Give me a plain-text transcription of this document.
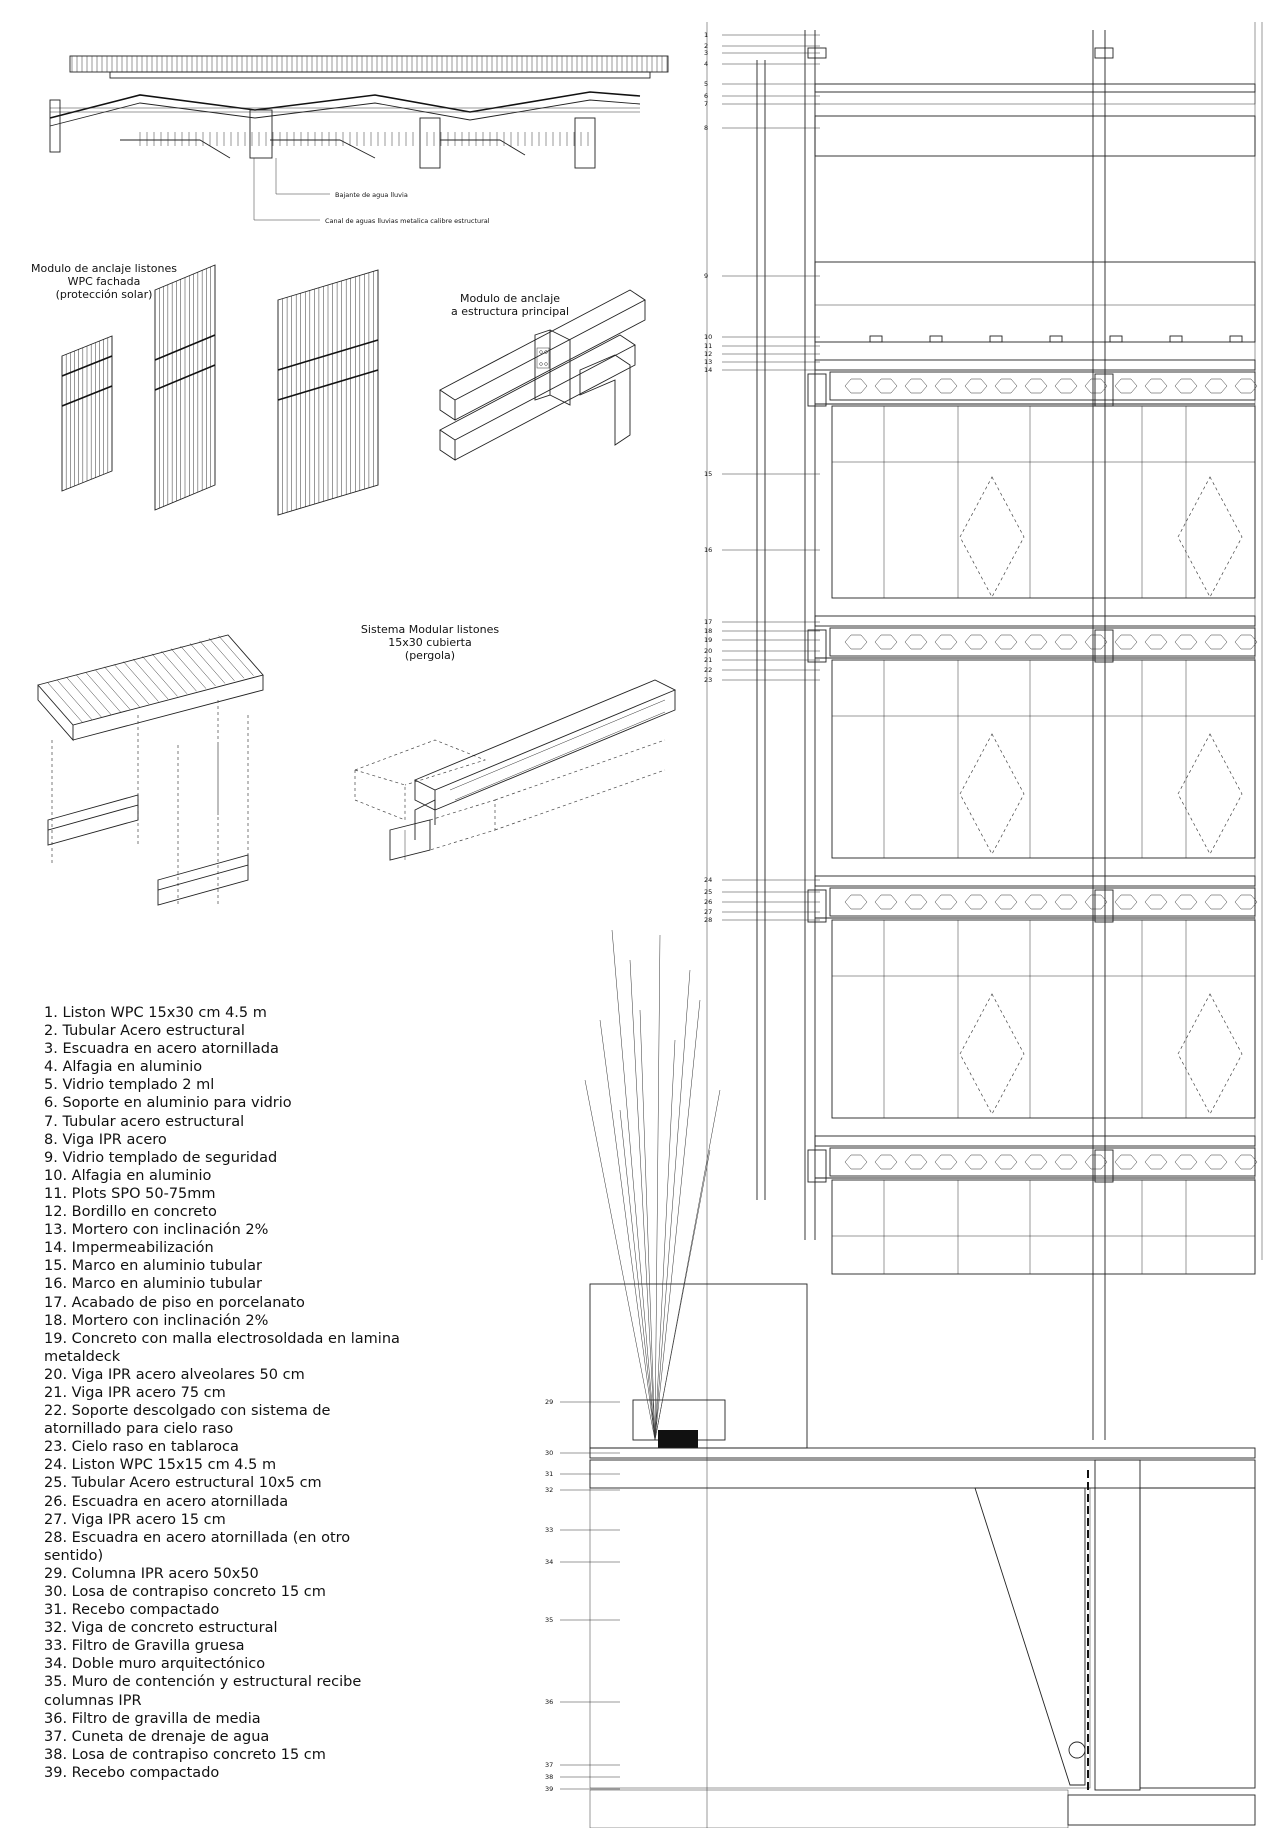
Bajante de agua lluvia
Canal de aguas lluvias metalica calibre estructural
1
2
3
4
5
6
7
8
9
10
11
12
13
14
15
16
17
18
19
20
21
22
23
24
25
26
27
28
29
30
31
32
33
34
35
36
37
38
39
Modulo de anclaje listones
WPC fachada
(protección solar)	Modulo de anclaje
a estructura principal
Sistema Modular listones
15x30 cubierta
(pergola)

1. Liston WPC 15x30 cm 4.5 m

2. Tubular Acero estructural

3. Escuadra en acero atornillada

4. Alfagia en aluminio

5. Vidrio templado 2 ml

6. Soporte en aluminio para vidrio

7. Tubular acero estructural

8. Viga IPR acero

9. Vidrio templado de seguridad

10. Alfagia en aluminio

11. Plots SPO 50-75mm

12. Bordillo en concreto

13. Mortero con inclinación 2%

14. Impermeabilización

15. Marco en aluminio tubular

16. Marco en aluminio tubular

17. Acabado de piso en porcelanato

18. Mortero con inclinación 2%

19. Concreto con malla electrosoldada en lamina metaldeck

20. Viga IPR acero alveolares 50 cm

21. Viga IPR acero 75 cm

22. Soporte descolgado con sistema de atornillado para cielo raso

23. Cielo raso en tablaroca

24. Liston WPC 15x15 cm 4.5 m

25. Tubular Acero estructural 10x5 cm

26. Escuadra en acero atornillada

27. Viga IPR acero 15 cm

28. Escuadra en acero atornillada (en otro sentido)

29. Columna IPR acero 50x50

30. Losa de contrapiso concreto 15 cm

31. Recebo compactado

32. Viga de concreto estructural

33. Filtro de Gravilla gruesa

34. Doble muro arquitectónico

35. Muro de contención y estructural recibe columnas IPR

36. Filtro de gravilla de media

37. Cuneta de drenaje de agua

38. Losa de contrapiso concreto 15 cm

39. Recebo compactado
